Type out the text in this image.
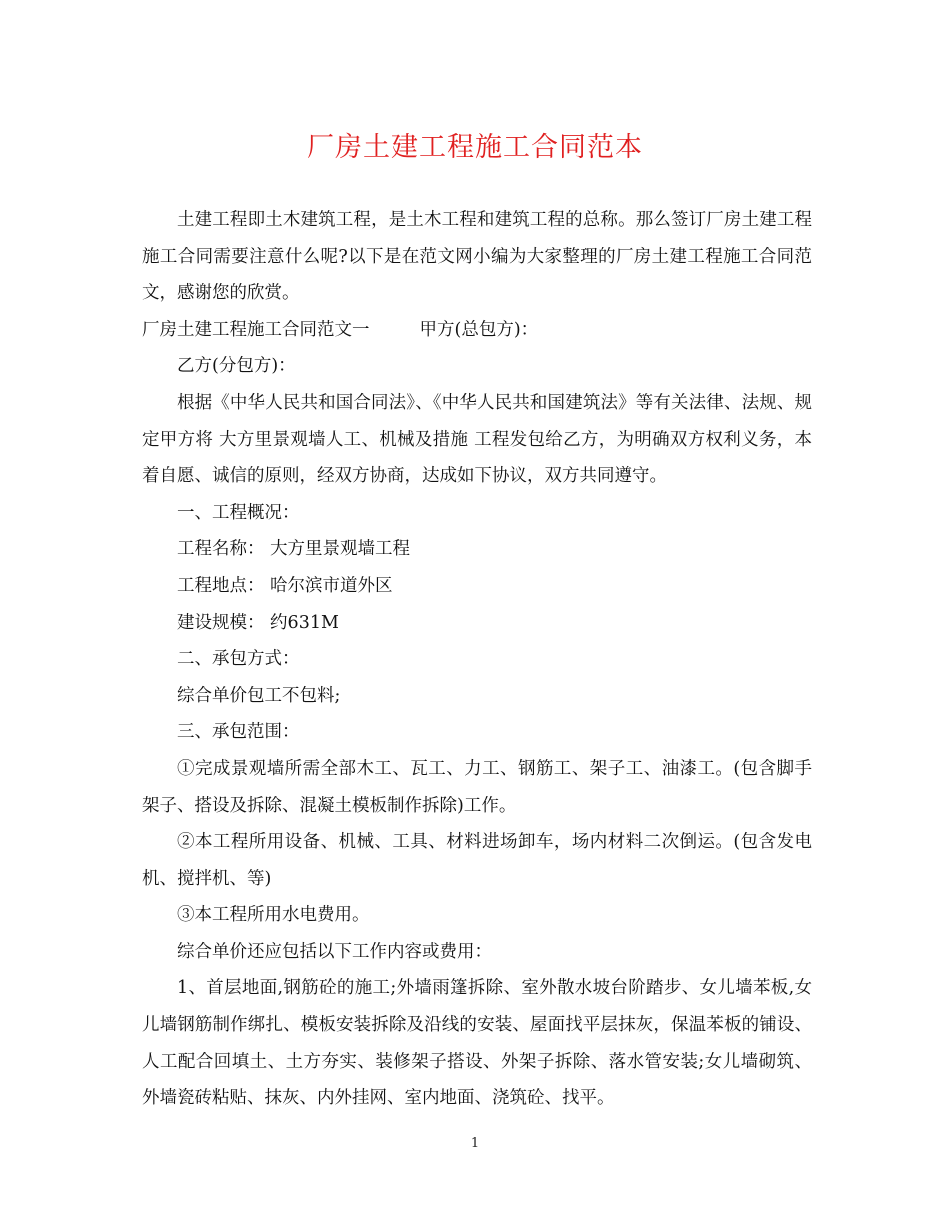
厂房土建工程施工合同范本

土建工程即土木建筑工程，是土木工程和建筑工程的总称。那么签订厂房土建工程施工合同需要注意什么呢?以下是在范文网小编为大家整理的厂房土建工程施工合同范文，感谢您的欣赏。

厂房土建工程施工合同范文一	甲方(总包方)：

乙方(分包方)：

根据《中华人民共和国合同法》、《中华人民共和国建筑法》等有关法律、法规、规定甲方将 大方里景观墙人工、机械及措施 工程发包给乙方，为明确双方权利义务，本着自愿、诚信的原则，经双方协商，达成如下协议，双方共同遵守。

一、工程概况：

工程名称： 大方里景观墙工程

工程地点： 哈尔滨市道外区

建设规模： 约631M

二、承包方式：

综合单价包工不包料;

三、承包范围：

①完成景观墙所需全部木工、瓦工、力工、钢筋工、架子工、油漆工。(包含脚手架子、搭设及拆除、混凝土模板制作拆除)工作。

②本工程所用设备、机械、工具、材料进场卸车，场内材料二次倒运。(包含发电机、搅拌机、等)

③本工程所用水电费用。

综合单价还应包括以下工作内容或费用：

1、首层地面,钢筋砼的施工;外墙雨篷拆除、室外散水坡台阶踏步、女儿墙苯板,女儿墙钢筋制作绑扎、模板安装拆除及沿线的安装、屋面找平层抹灰，保温苯板的铺设、人工配合回填土、土方夯实、装修架子搭设、外架子拆除、落水管安装;女儿墙砌筑、外墙瓷砖粘贴、抹灰、内外挂网、室内地面、浇筑砼、找平。

1
